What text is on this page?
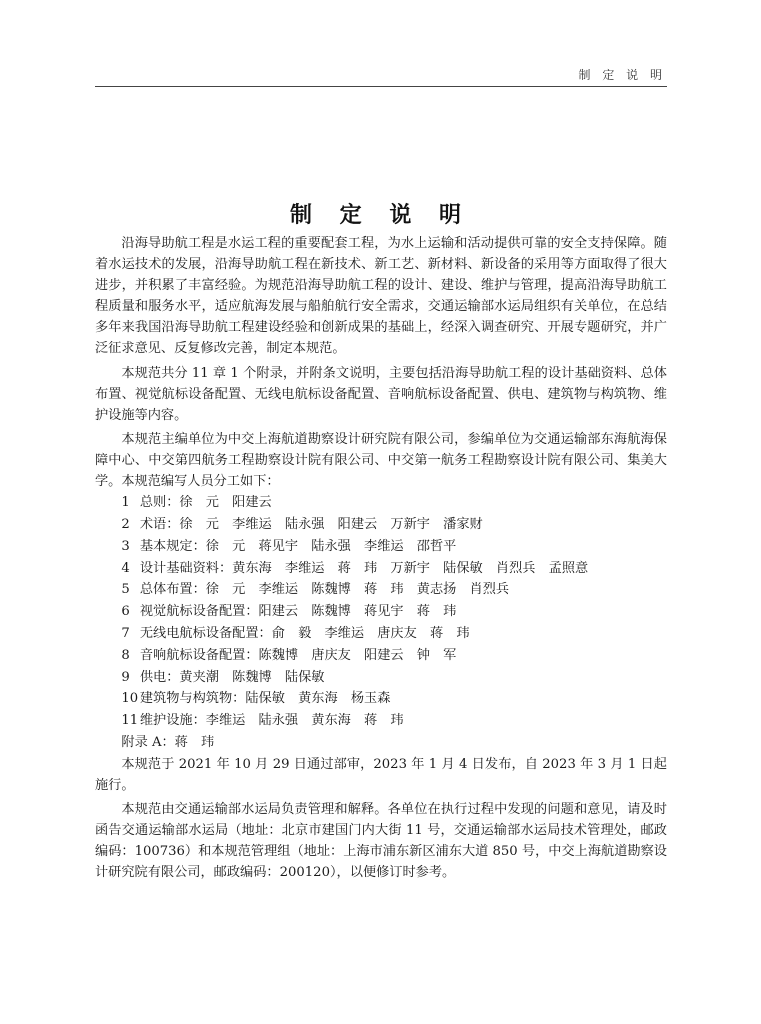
制 定 说 明
制 定 说 明

沿海导助航工程是水运工程的重要配套工程，为水上运输和活动提供可靠的安全支持保障。随着水运技术的发展，沿海导助航工程在新技术、新工艺、新材料、新设备的采用等方面取得了很大进步，并积累了丰富经验。为规范沿海导助航工程的设计、建设、维护与管理，提高沿海导助航工程质量和服务水平，适应航海发展与船舶航行安全需求，交通运输部水运局组织有关单位，在总结多年来我国沿海导助航工程建设经验和创新成果的基础上，经深入调查研究、开展专题研究，并广泛征求意见、反复修改完善，制定本规范。

本规范共分 11 章 1 个附录，并附条文说明，主要包括沿海导助航工程的设计基础资料、总体布置、视觉航标设备配置、无线电航标设备配置、音响航标设备配置、供电、建筑物与构筑物、维护设施等内容。

本规范主编单位为中交上海航道勘察设计研究院有限公司，参编单位为交通运输部东海航海保障中心、中交第四航务工程勘察设计院有限公司、中交第一航务工程勘察设计院有限公司、集美大学。本规范编写人员分工如下：

1 总则：徐　元　阳建云
2 术语：徐　元　李维运　陆永强　阳建云　万新宇　潘家财
3 基本规定：徐　元　蒋见宇　陆永强　李维运　邵哲平
4 设计基础资料：黄东海　李维运　蒋　玮　万新宇　陆保敏　肖烈兵　孟照意
5 总体布置：徐　元　李维运　陈魏博　蒋　玮　黄志扬　肖烈兵
6 视觉航标设备配置：阳建云　陈魏博　蒋见宇　蒋　玮
7 无线电航标设备配置：俞　毅　李维运　唐庆友　蒋　玮
8 音响航标设备配置：陈魏博　唐庆友　阳建云　钟　军
9 供电：黄夹潮　陈魏博　陆保敏
10 建筑物与构筑物：陆保敏　黄东海　杨玉森
11 维护设施：李维运　陆永强　黄东海　蒋　玮

附录 A：蒋　玮

本规范于 2021 年 10 月 29 日通过部审，2023 年 1 月 4 日发布，自 2023 年 3 月 1 日起施行。

本规范由交通运输部水运局负责管理和解释。各单位在执行过程中发现的问题和意见，请及时函告交通运输部水运局（地址：北京市建国门内大街 11 号，交通运输部水运局技术管理处，邮政编码：100736）和本规范管理组（地址：上海市浦东新区浦东大道 850 号，中交上海航道勘察设计研究院有限公司，邮政编码：200120），以便修订时参考。
